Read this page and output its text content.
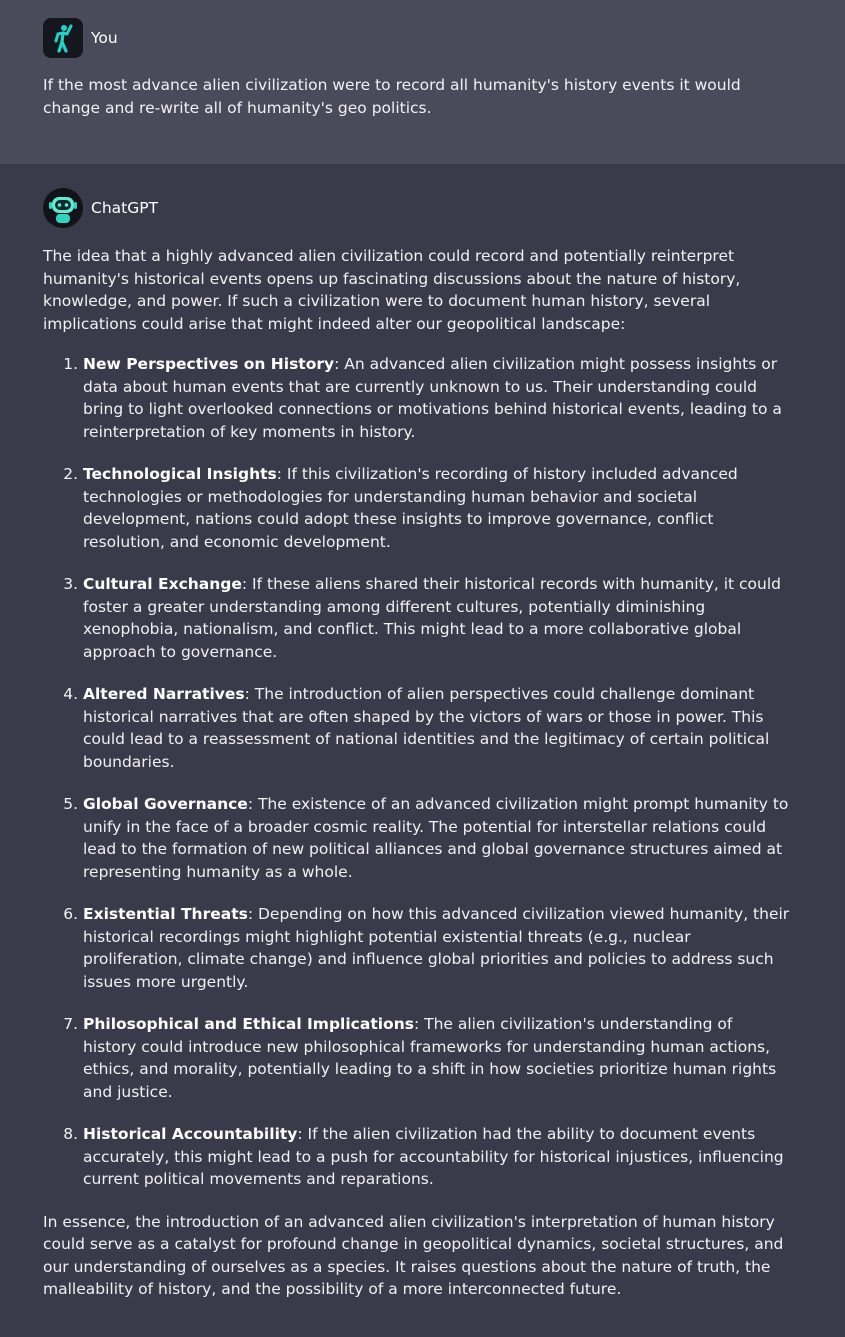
You
If the most advance alien civilization were to record all humanity's history events it would change and re-write all of humanity's geo politics.
ChatGPT

The idea that a highly advanced alien civilization could record and potentially reinterpret humanity's historical events opens up fascinating discussions about the nature of history, knowledge, and power. If such a civilization were to document human history, several implications could arise that might indeed alter our geopolitical landscape:

1. New Perspectives on History: An advanced alien civilization might possess insights or data about human events that are currently unknown to us. Their understanding could bring to light overlooked connections or motivations behind historical events, leading to a reinterpretation of key moments in history.
2. Technological Insights: If this civilization's recording of history included advanced technologies or methodologies for understanding human behavior and societal development, nations could adopt these insights to improve governance, conflict resolution, and economic development.
3. Cultural Exchange: If these aliens shared their historical records with humanity, it could foster a greater understanding among different cultures, potentially diminishing xenophobia, nationalism, and conflict. This might lead to a more collaborative global approach to governance.
4. Altered Narratives: The introduction of alien perspectives could challenge dominant historical narratives that are often shaped by the victors of wars or those in power. This could lead to a reassessment of national identities and the legitimacy of certain political boundaries.
5. Global Governance: The existence of an advanced civilization might prompt humanity to unify in the face of a broader cosmic reality. The potential for interstellar relations could lead to the formation of new political alliances and global governance structures aimed at representing humanity as a whole.
6. Existential Threats: Depending on how this advanced civilization viewed humanity, their historical recordings might highlight potential existential threats (e.g., nuclear proliferation, climate change) and influence global priorities and policies to address such issues more urgently.
7. Philosophical and Ethical Implications: The alien civilization's understanding of history could introduce new philosophical frameworks for understanding human actions, ethics, and morality, potentially leading to a shift in how societies prioritize human rights and justice.
8. Historical Accountability: If the alien civilization had the ability to document events accurately, this might lead to a push for accountability for historical injustices, influencing current political movements and reparations.

In essence, the introduction of an advanced alien civilization's interpretation of human history could serve as a catalyst for profound change in geopolitical dynamics, societal structures, and our understanding of ourselves as a species. It raises questions about the nature of truth, the malleability of history, and the possibility of a more interconnected future.
